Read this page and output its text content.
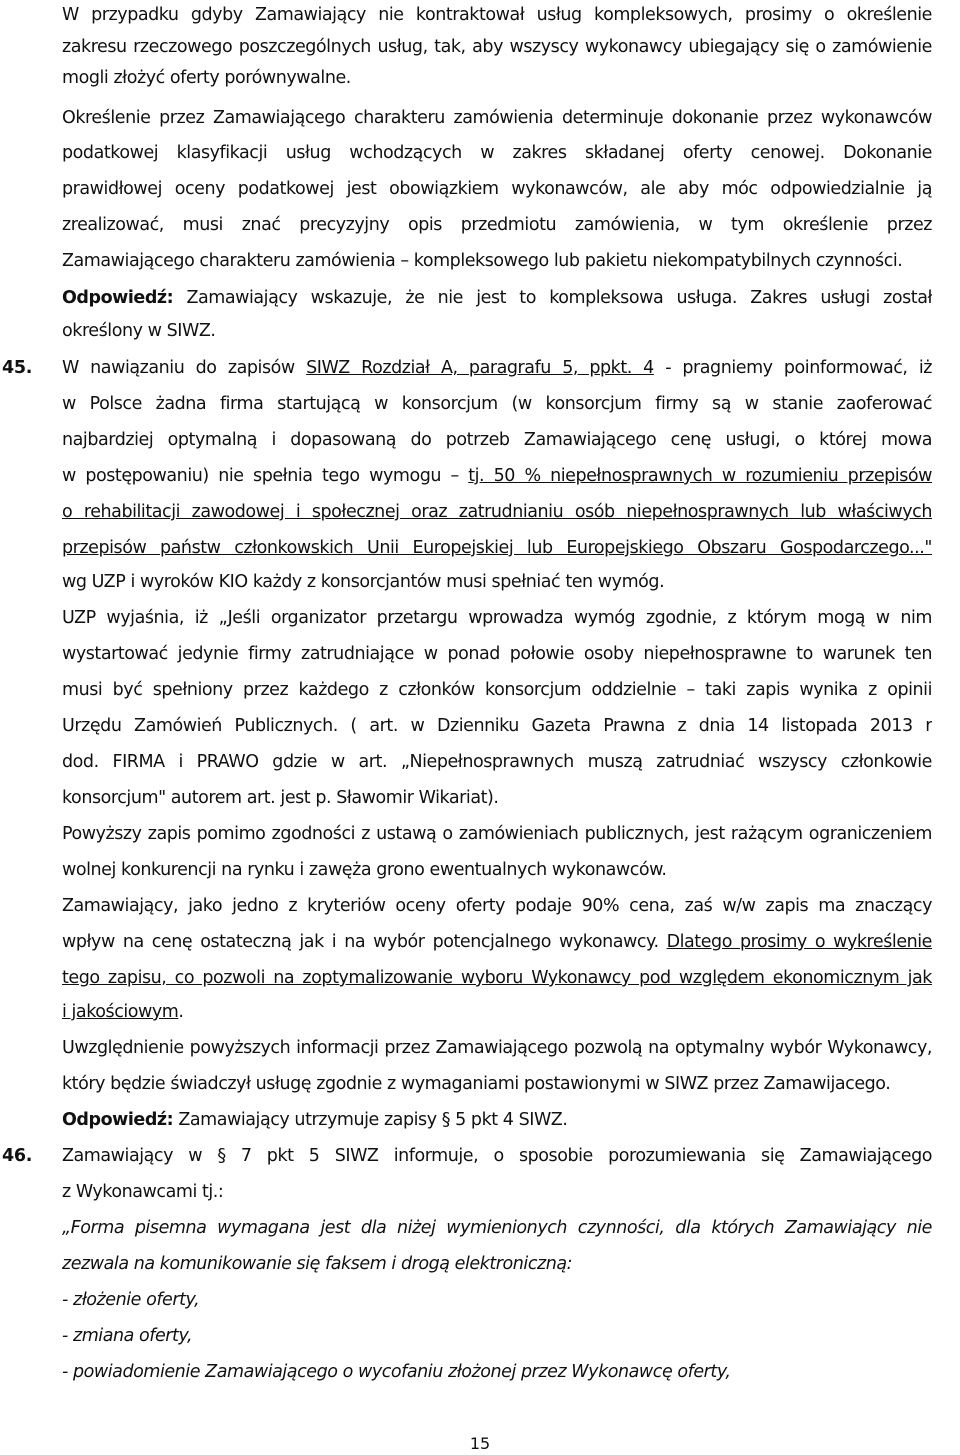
W przypadku gdyby Zamawiający nie kontraktował usług kompleksowych, prosimy o określenie
zakresu rzeczowego poszczególnych usług, tak, aby wszyscy wykonawcy ubiegający się o zamówienie
mogli złożyć oferty porównywalne.
Określenie przez Zamawiającego charakteru zamówienia determinuje dokonanie przez wykonawców
podatkowej klasyfikacji usług wchodzących w zakres składanej oferty cenowej. Dokonanie
prawidłowej oceny podatkowej jest obowiązkiem wykonawców, ale aby móc odpowiedzialnie ją
zrealizować, musi znać precyzyjny opis przedmiotu zamówienia, w tym określenie przez
Zamawiającego charakteru zamówienia – kompleksowego lub pakietu niekompatybilnych czynności.
Odpowiedź: Zamawiający wskazuje, że nie jest to kompleksowa usługa. Zakres usługi został
określony w SIWZ.
45. W nawiązaniu do zapisów SIWZ Rozdział A, paragrafu 5, ppkt. 4 - pragniemy poinformować, iż
w Polsce żadna firma startującą w konsorcjum (w konsorcjum firmy są w stanie zaoferować
najbardziej optymalną i dopasowaną do potrzeb Zamawiającego cenę usługi, o której mowa
w postępowaniu) nie spełnia tego wymogu – tj. 50 % niepełnosprawnych w rozumieniu przepisów
o rehabilitacji zawodowej i społecznej oraz zatrudnianiu osób niepełnosprawnych lub właściwych
przepisów państw członkowskich Unii Europejskiej lub Europejskiego Obszaru Gospodarczego..."
wg UZP i wyroków KIO każdy z konsorcjantów musi spełniać ten wymóg.
UZP wyjaśnia, iż „Jeśli organizator przetargu wprowadza wymóg zgodnie, z którym mogą w nim
wystartować jedynie firmy zatrudniające w ponad połowie osoby niepełnosprawne to warunek ten
musi być spełniony przez każdego z członków konsorcjum oddzielnie – taki zapis wynika z opinii
Urzędu Zamówień Publicznych. ( art. w Dzienniku Gazeta Prawna z dnia 14 listopada 2013 r
dod. FIRMA i PRAWO gdzie w art. „Niepełnosprawnych muszą zatrudniać wszyscy członkowie
konsorcjum" autorem art. jest p. Sławomir Wikariat).
Powyższy zapis pomimo zgodności z ustawą o zamówieniach publicznych, jest rażącym ograniczeniem
wolnej konkurencji na rynku i zawęża grono ewentualnych wykonawców.
Zamawiający, jako jedno z kryteriów oceny oferty podaje 90% cena, zaś w/w zapis ma znaczący
wpływ na cenę ostateczną jak i na wybór potencjalnego wykonawcy. Dlatego prosimy o wykreślenie
tego zapisu, co pozwoli na zoptymalizowanie wyboru Wykonawcy pod względem ekonomicznym jak
i jakościowym.
Uwzględnienie powyższych informacji przez Zamawiającego pozwolą na optymalny wybór Wykonawcy,
który będzie świadczył usługę zgodnie z wymaganiami postawionymi w SIWZ przez Zamawijacego.
Odpowiedź: Zamawiający utrzymuje zapisy § 5 pkt 4 SIWZ.
46. Zamawiający w § 7 pkt 5 SIWZ informuje, o sposobie porozumiewania się Zamawiającego
z Wykonawcami tj.:
„Forma pisemna wymagana jest dla niżej wymienionych czynności, dla których Zamawiający nie
zezwala na komunikowanie się faksem i drogą elektroniczną:
- złożenie oferty,
- zmiana oferty,
- powiadomienie Zamawiającego o wycofaniu złożonej przez Wykonawcę oferty,
15
